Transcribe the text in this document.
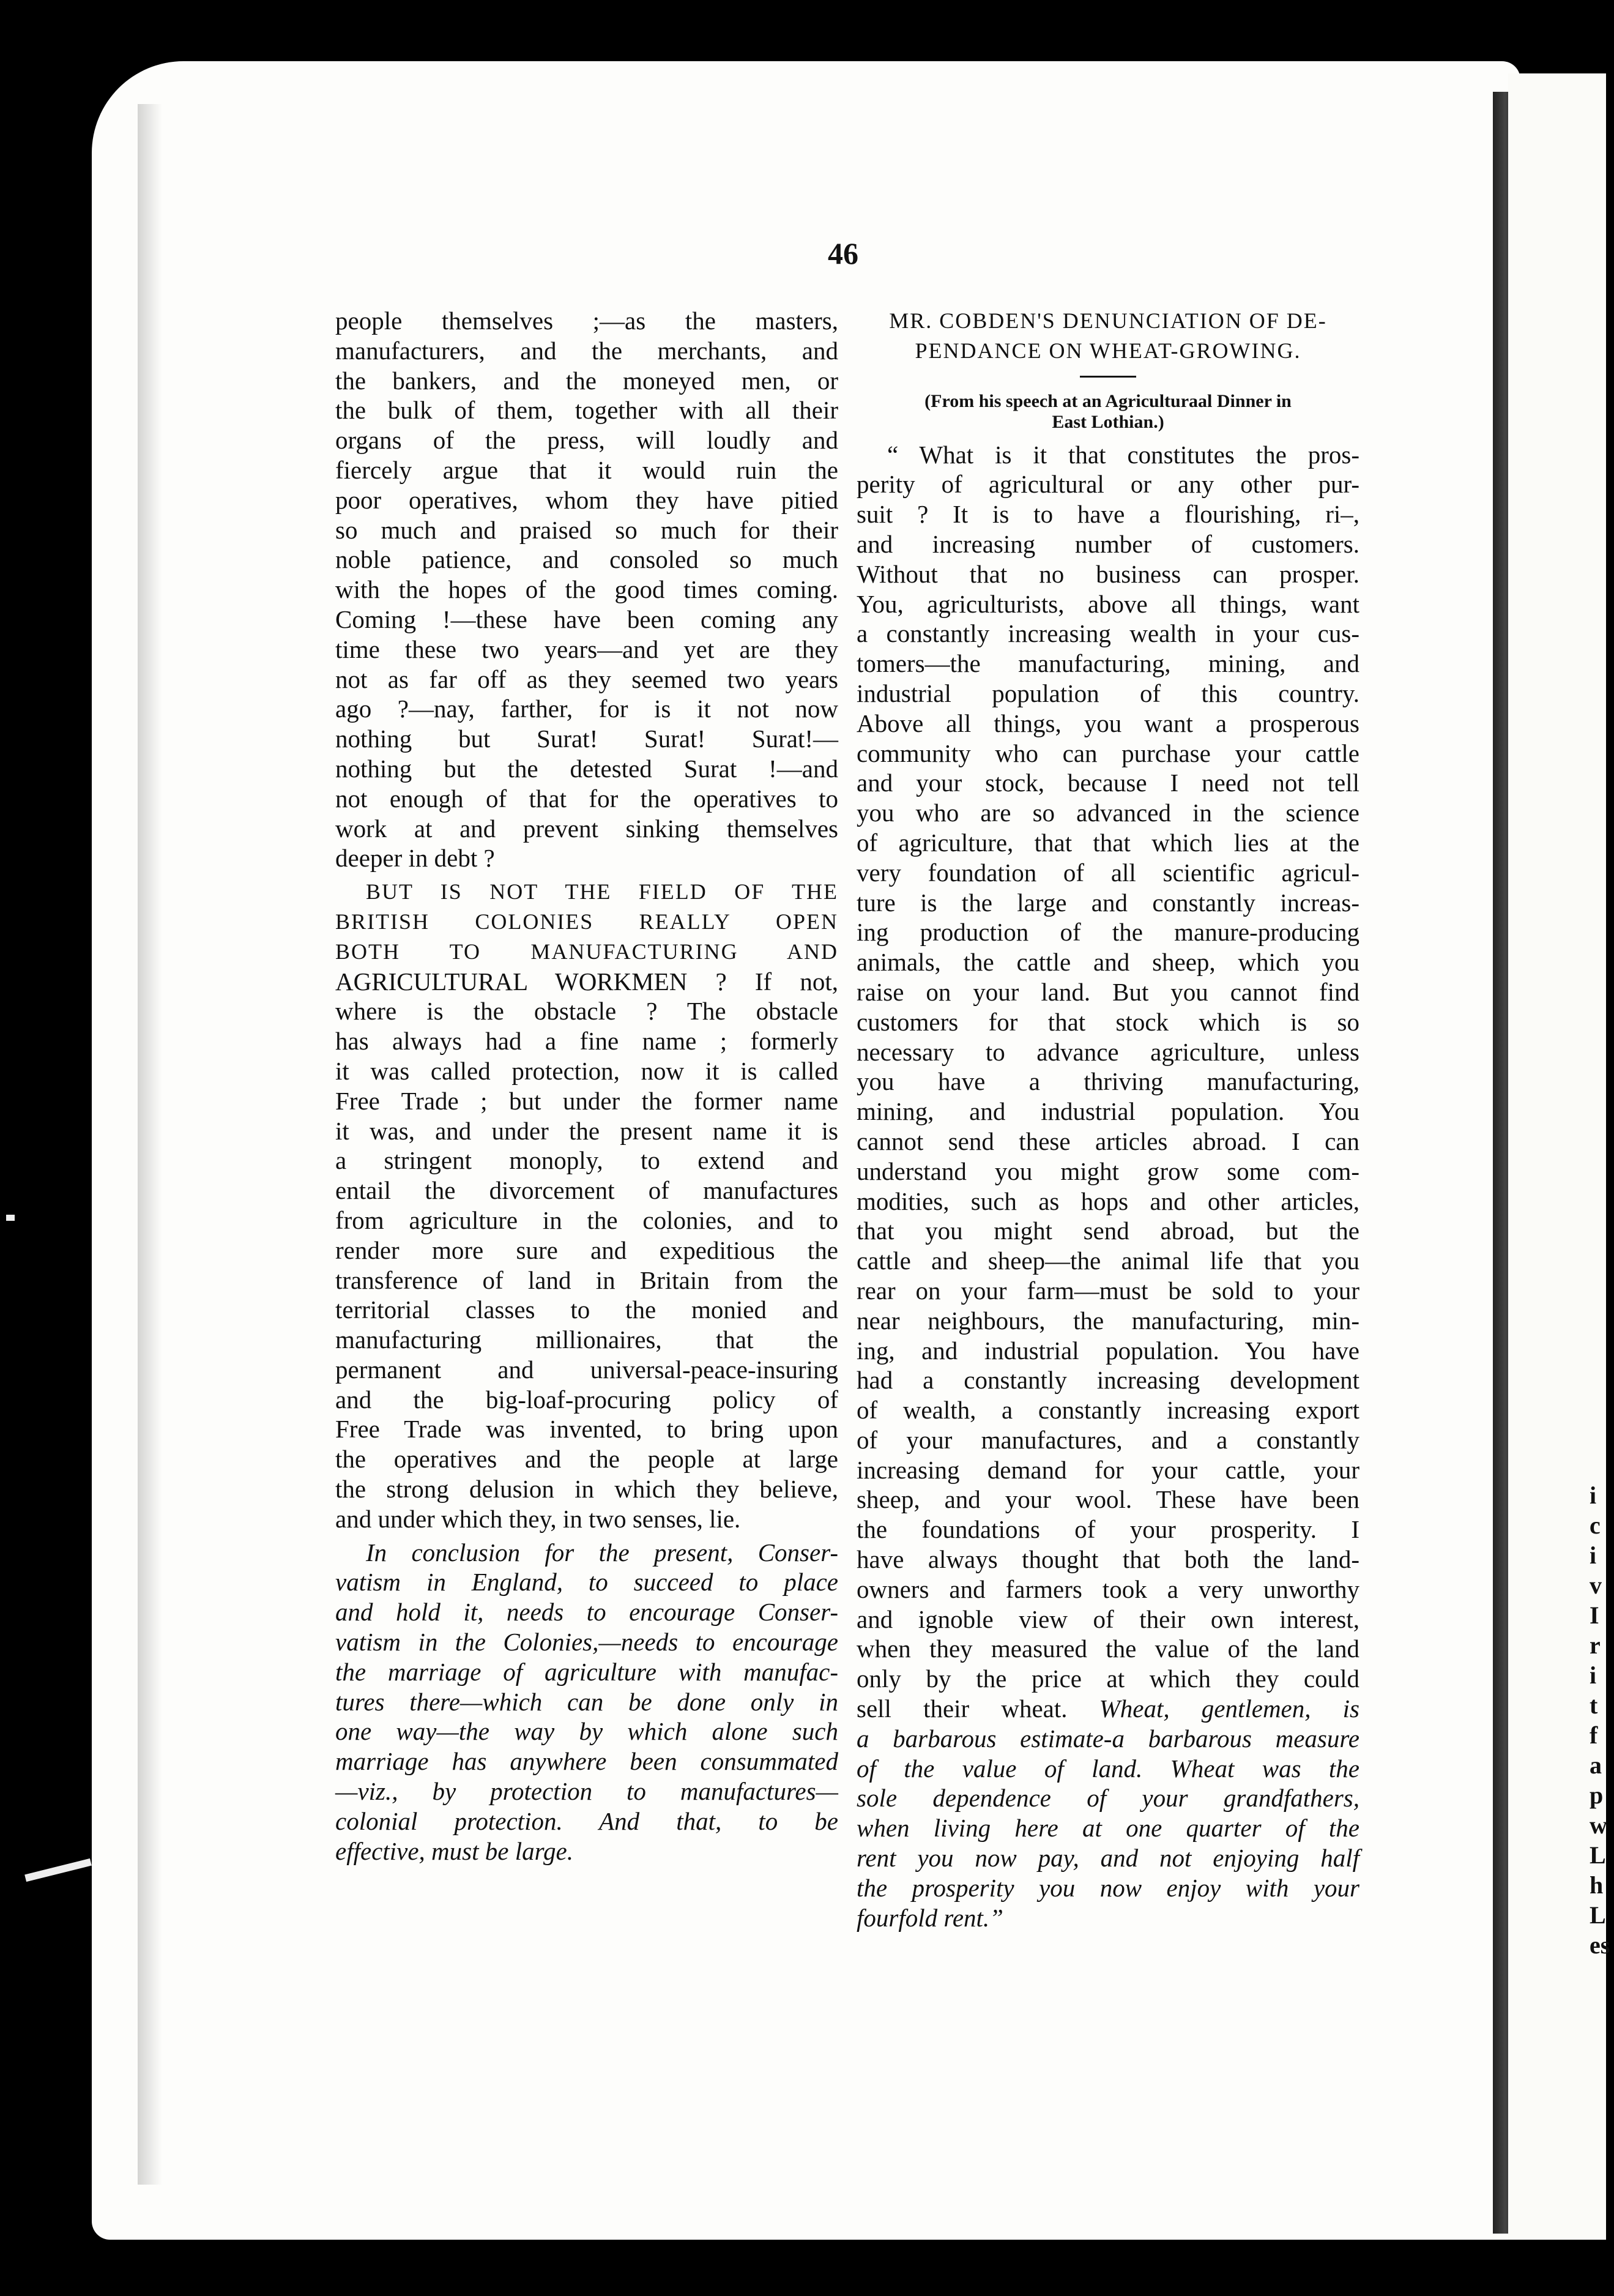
46
people themselves ;—as the masters,
manufacturers, and the merchants, and
the bankers, and the moneyed men, or
the bulk of them, together with all their
organs of the press, will loudly and
fiercely argue that it would ruin the
poor operatives, whom they have pitied
so much and praised so much for their
noble patience, and consoled so much
with the hopes of the good times coming.
Coming !—these have been coming any
time these two years—and yet are they
not as far off as they seemed two years
ago ?—nay, farther, for is it not now
nothing but Surat! Surat! Surat!—
nothing but the detested Surat !—and
not enough of that for the operatives to
work at and prevent sinking themselves
deeper in debt ?
BUT IS NOT THE FIELD OF THE
BRITISH COLONIES REALLY OPEN
BOTH TO MANUFACTURING AND
AGRICULTURAL WORKMEN ? If not,
where is the obstacle ? The obstacle
has always had a fine name ; formerly
it was called protection, now it is called
Free Trade ; but under the former name
it was, and under the present name it is
a stringent monoply, to extend and
entail the divorcement of manufactures
from agriculture in the colonies, and to
render more sure and expeditious the
transference of land in Britain from the
territorial classes to the monied and
manufacturing millionaires, that the
permanent and universal-peace-insuring
and the big-loaf-procuring policy of
Free Trade was invented, to bring upon
the operatives and the people at large
the strong delusion in which they believe,
and under which they, in two senses, lie.
In conclusion for the present, Conser-
vatism in England, to succeed to place
and hold it, needs to encourage Conser-
vatism in the Colonies,—needs to encourage
the marriage of agriculture with manufac-
tures there—which can be done only in
one way—the way by which alone such
marriage has anywhere been consummated
—viz., by protection to manufactures—
colonial protection. And that, to be
effective, must be large.
MR. COBDEN'S DENUNCIATION OF DE-
PENDANCE ON WHEAT-GROWING.
(From his speech at an Agriculturaal Dinner in
East Lothian.)
“ What is it that constitutes the pros-
perity of agricultural or any other pur-
suit ? It is to have a flourishing, ri–,
and increasing number of customers.
Without that no business can prosper.
You, agriculturists, above all things, want
a constantly increasing wealth in your cus-
tomers—the manufacturing, mining, and
industrial population of this country.
Above all things, you want a prosperous
community who can purchase your cattle
and your stock, because I need not tell
you who are so advanced in the science
of agriculture, that that which lies at the
very foundation of all scientific agricul-
ture is the large and constantly increas-
ing production of the manure-producing
animals, the cattle and sheep, which you
raise on your land. But you cannot find
customers for that stock which is so
necessary to advance agriculture, unless
you have a thriving manufacturing,
mining, and industrial population. You
cannot send these articles abroad. I can
understand you might grow some com-
modities, such as hops and other articles,
that you might send abroad, but the
cattle and sheep—the animal life that you
rear on your farm—must be sold to your
near neighbours, the manufacturing, min-
ing, and industrial population. You have
had a constantly increasing development
of wealth, a constantly increasing export
of your manufactures, and a constantly
increasing demand for your cattle, your
sheep, and your wool. These have been
the foundations of your prosperity. I
have always thought that both the land-
owners and farmers took a very unworthy
and ignoble view of their own interest,
when they measured the value of the land
only by the price at which they could
sell their wheat. Wheat, gentlemen, is
a barbarous estimate-a barbarous measure
of the value of land. Wheat was the
sole dependence of your grandfathers,
when living here at one quarter of the
rent you now pay, and not enjoying half
the prosperity you now enjoy with your
fourfold rent.”
i
c
i
v
I
r
i
t
f
a
p
w
L
h
L
es
